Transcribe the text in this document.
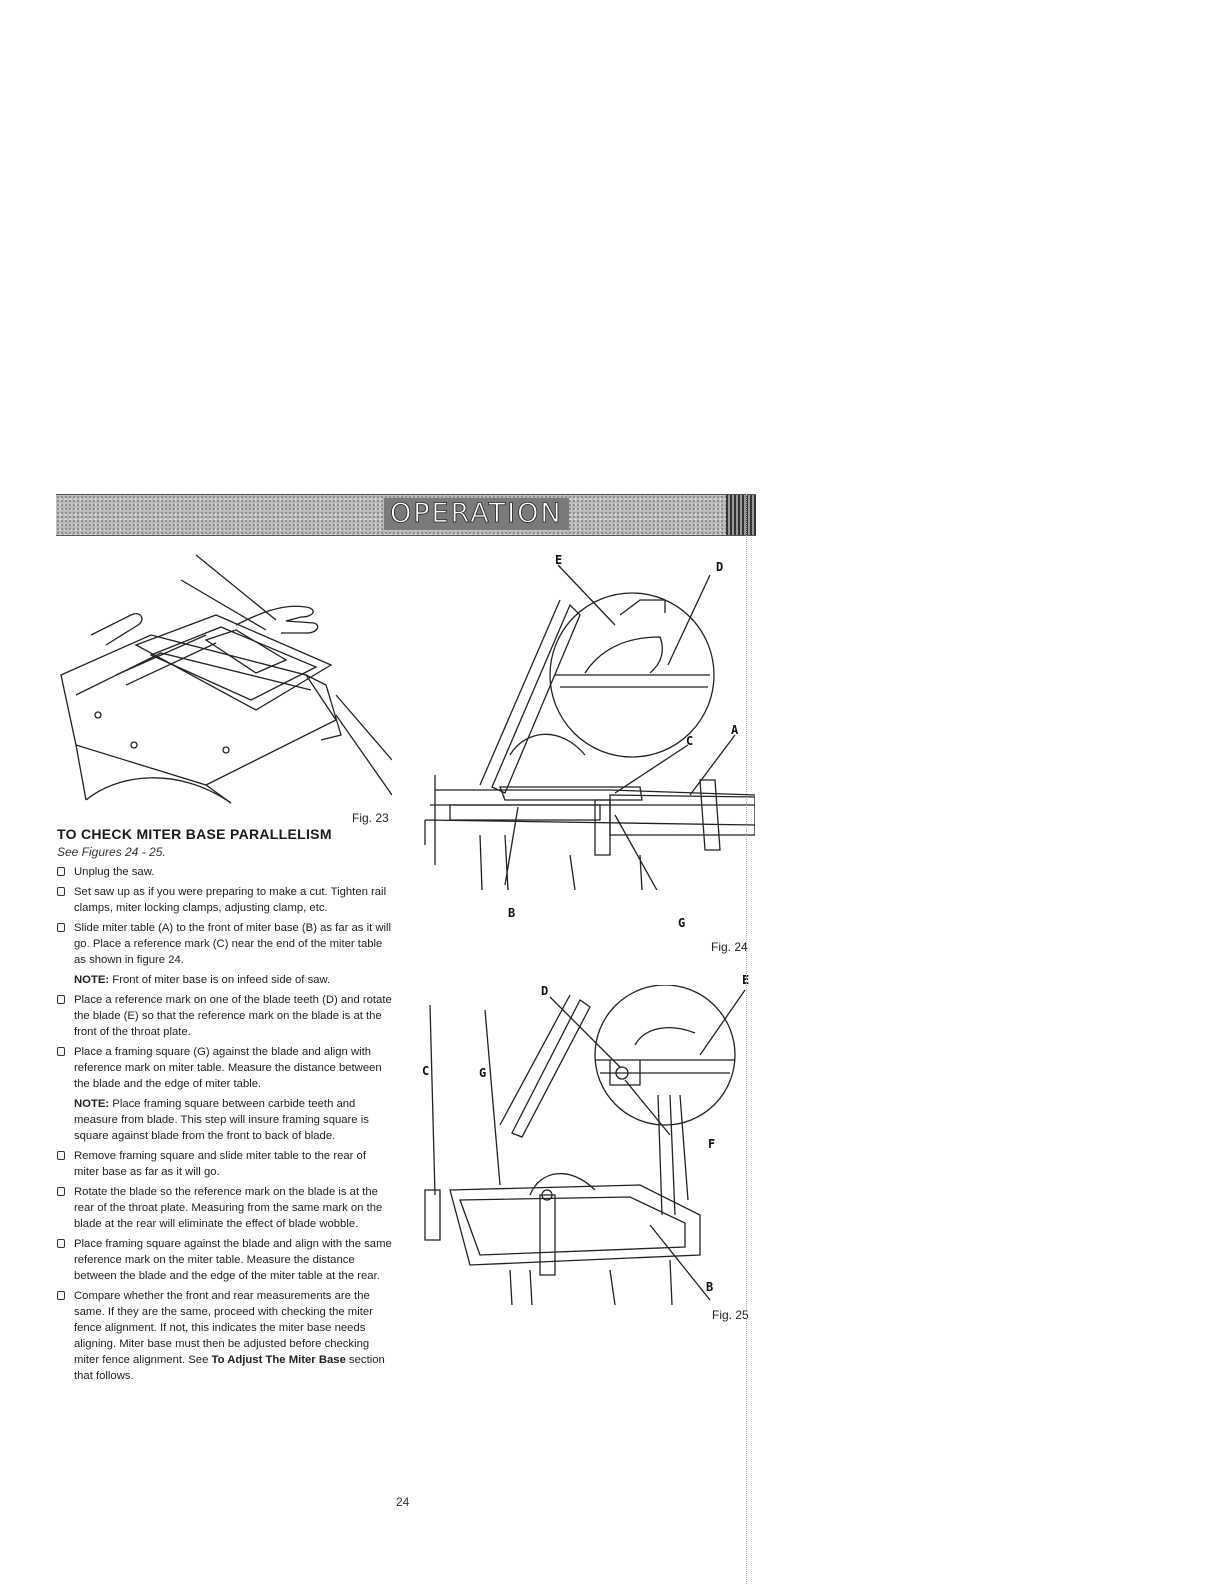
OPERATION
Fig. 23
E	D
C
A
B
G
Fig. 24
D
E
C	G
F
B
Fig. 25
TO CHECK MITER BASE PARALLELISM
See Figures 24 - 25.
Unplug the saw.
Set saw up as if you were preparing to make a cut. Tighten rail clamps, miter locking clamps, adjusting clamp, etc.
Slide miter table (A) to the front of miter base (B) as far as it will go. Place a reference mark (C) near the end of the miter table as shown in figure 24.

NOTE: Front of miter base is on infeed side of saw.

Place a reference mark on one of the blade teeth (D) and rotate the blade (E) so that the reference mark on the blade is at the front of the throat plate.
Place a framing square (G) against the blade and align with reference mark on miter table. Measure the distance between the blade and the edge of miter table.

NOTE: Place framing square between carbide teeth and measure from blade. This step will insure framing square is square against blade from the front to back of blade.

Remove framing square and slide miter table to the rear of miter base as far as it will go.
Rotate the blade so the reference mark on the blade is at the rear of the throat plate. Measuring from the same mark on the blade at the rear will eliminate the effect of blade wobble.
Place framing square against the blade and align with the same reference mark on the miter table. Measure the distance between the blade and the edge of the miter table at the rear.
Compare whether the front and rear measurements are the same. If they are the same, proceed with checking the miter fence alignment. If not, this indicates the miter base needs aligning. Miter base must then be adjusted before checking miter fence alignment. See To Adjust The Miter Base section that follows.
24
